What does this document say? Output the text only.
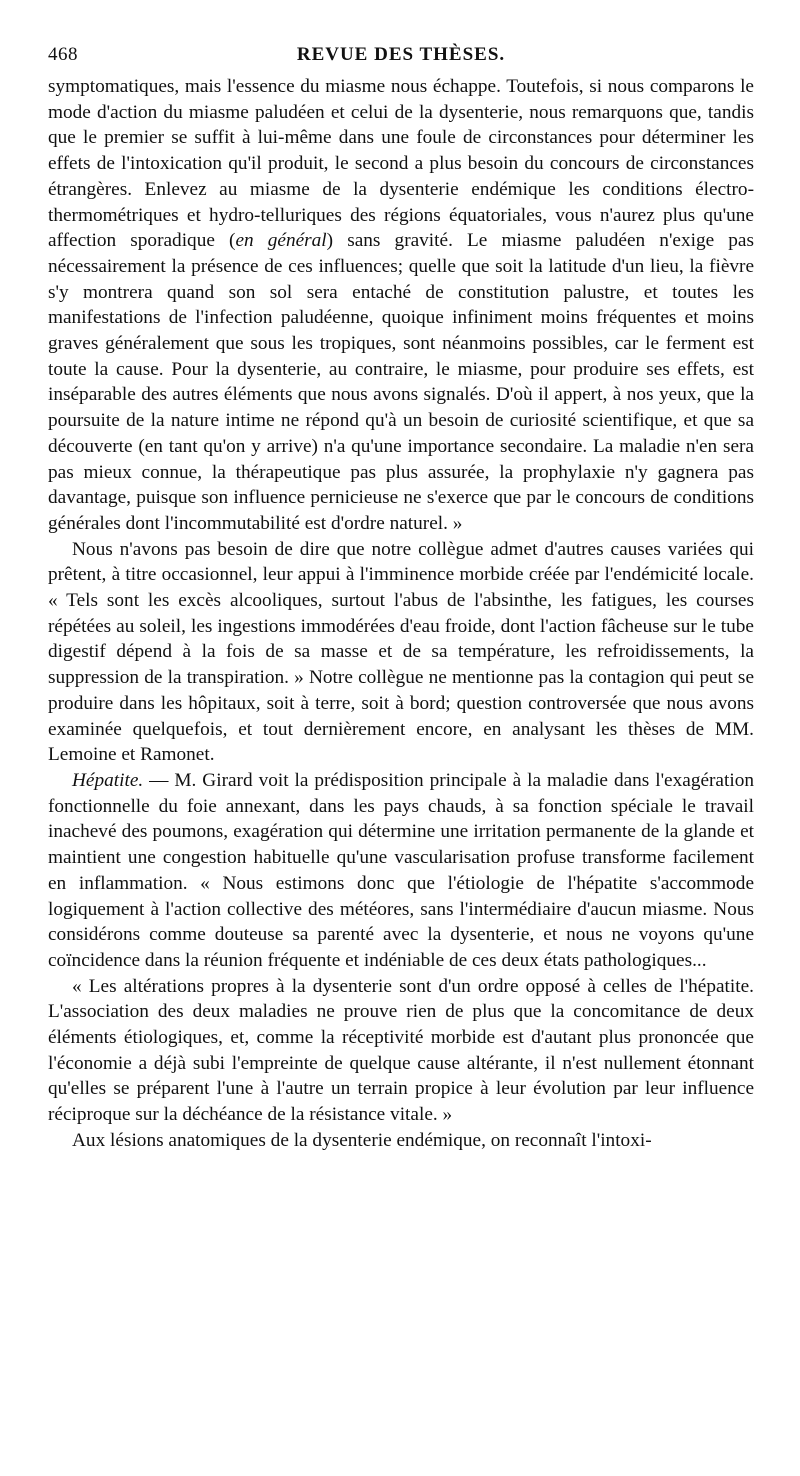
468	REVUE DES THÈSES.

symptomatiques, mais l'essence du miasme nous échappe. Toutefois, si nous comparons le mode d'action du miasme paludéen et celui de la dysenterie, nous remarquons que, tandis que le premier se suffit à lui-même dans une foule de circonstances pour déterminer les effets de l'intoxication qu'il produit, le second a plus besoin du concours de circonstances étrangères. Enlevez au miasme de la dysenterie endémique les conditions électro-thermométriques et hydro-telluriques des régions équatoriales, vous n'aurez plus qu'une affection sporadique (en général) sans gravité. Le miasme paludéen n'exige pas nécessairement la présence de ces influences; quelle que soit la latitude d'un lieu, la fièvre s'y montrera quand son sol sera entaché de constitution palustre, et toutes les manifestations de l'infection paludéenne, quoique infiniment moins fréquentes et moins graves généralement que sous les tropiques, sont néanmoins possibles, car le ferment est toute la cause. Pour la dysenterie, au contraire, le miasme, pour produire ses effets, est inséparable des autres éléments que nous avons signalés. D'où il appert, à nos yeux, que la poursuite de la nature intime ne répond qu'à un besoin de curiosité scientifique, et que sa découverte (en tant qu'on y arrive) n'a qu'une importance secondaire. La maladie n'en sera pas mieux connue, la thérapeutique pas plus assurée, la prophylaxie n'y gagnera pas davantage, puisque son influence pernicieuse ne s'exerce que par le concours de conditions générales dont l'incommutabilité est d'ordre naturel. »

Nous n'avons pas besoin de dire que notre collègue admet d'autres causes variées qui prêtent, à titre occasionnel, leur appui à l'imminence morbide créée par l'endémicité locale. « Tels sont les excès alcooliques, surtout l'abus de l'absinthe, les fatigues, les courses répétées au soleil, les ingestions immodérées d'eau froide, dont l'action fâcheuse sur le tube digestif dépend à la fois de sa masse et de sa température, les refroidissements, la suppression de la transpiration. » Notre collègue ne mentionne pas la contagion qui peut se produire dans les hôpitaux, soit à terre, soit à bord; question controversée que nous avons examinée quelquefois, et tout dernièrement encore, en analysant les thèses de MM. Lemoine et Ramonet.

Hépatite. — M. Girard voit la prédisposition principale à la maladie dans l'exagération fonctionnelle du foie annexant, dans les pays chauds, à sa fonction spéciale le travail inachevé des poumons, exagération qui détermine une irritation permanente de la glande et maintient une congestion habituelle qu'une vascularisation profuse transforme facilement en inflammation. « Nous estimons donc que l'étiologie de l'hépatite s'accommode logiquement à l'action collective des météores, sans l'intermédiaire d'aucun miasme. Nous considérons comme douteuse sa parenté avec la dysenterie, et nous ne voyons qu'une coïncidence dans la réunion fréquente et indéniable de ces deux états pathologiques...

« Les altérations propres à la dysenterie sont d'un ordre opposé à celles de l'hépatite. L'association des deux maladies ne prouve rien de plus que la concomitance de deux éléments étiologiques, et, comme la réceptivité morbide est d'autant plus prononcée que l'économie a déjà subi l'empreinte de quelque cause altérante, il n'est nullement étonnant qu'elles se préparent l'une à l'autre un terrain propice à leur évolution par leur influence réciproque sur la déchéance de la résistance vitale. »

Aux lésions anatomiques de la dysenterie endémique, on reconnaît l'intoxi-
